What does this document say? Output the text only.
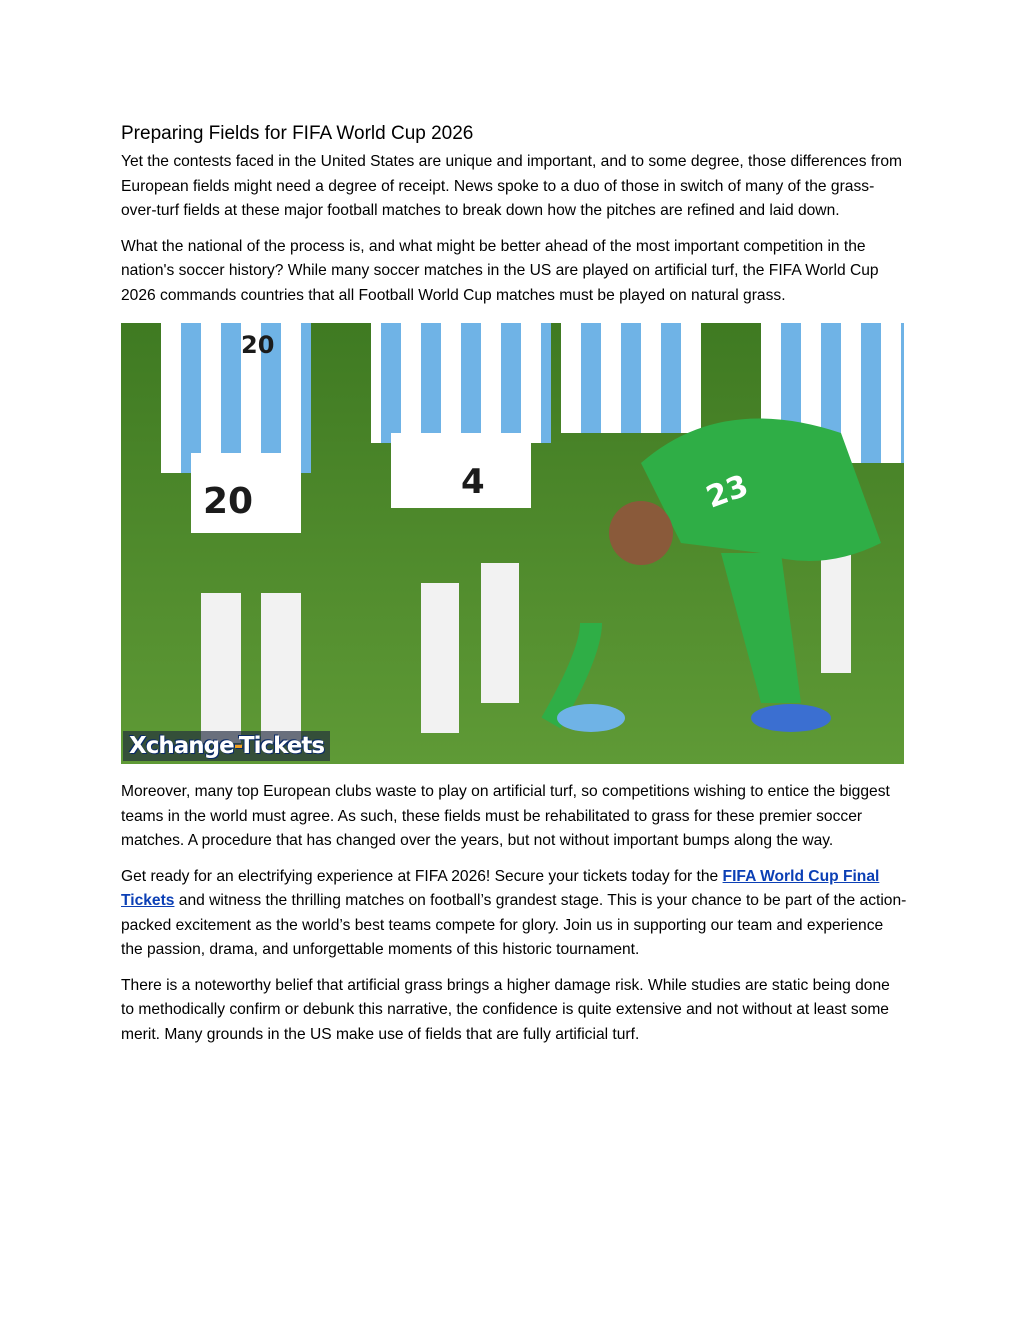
Preparing Fields for FIFA World Cup 2026

Yet the contests faced in the United States are unique and important, and to some degree, those differences from European fields might need a degree of receipt. News spoke to a duo of those in switch of many of the grass-over-turf fields at these major football matches to break down how the pitches are refined and laid down.

What the national of the process is, and what might be better ahead of the most important competition in the nation's soccer history? While many soccer matches in the US are played on artificial turf, the FIFA World Cup 2026 commands countries that all Football World Cup matches must be played on natural grass.

20	4	23
20
Xchange-Tickets

Moreover, many top European clubs waste to play on artificial turf, so competitions wishing to entice the biggest teams in the world must agree. As such, these fields must be rehabilitated to grass for these premier soccer matches. A procedure that has changed over the years, but not without important bumps along the way.

Get ready for an electrifying experience at FIFA 2026! Secure your tickets today for the FIFA World Cup Final Tickets and witness the thrilling matches on football’s grandest stage. This is your chance to be part of the action-packed excitement as the world’s best teams compete for glory. Join us in supporting our team and experience the passion, drama, and unforgettable moments of this historic tournament.

There is a noteworthy belief that artificial grass brings a higher damage risk. While studies are static being done to methodically confirm or debunk this narrative, the confidence is quite extensive and not without at least some merit. Many grounds in the US make use of fields that are fully artificial turf.
